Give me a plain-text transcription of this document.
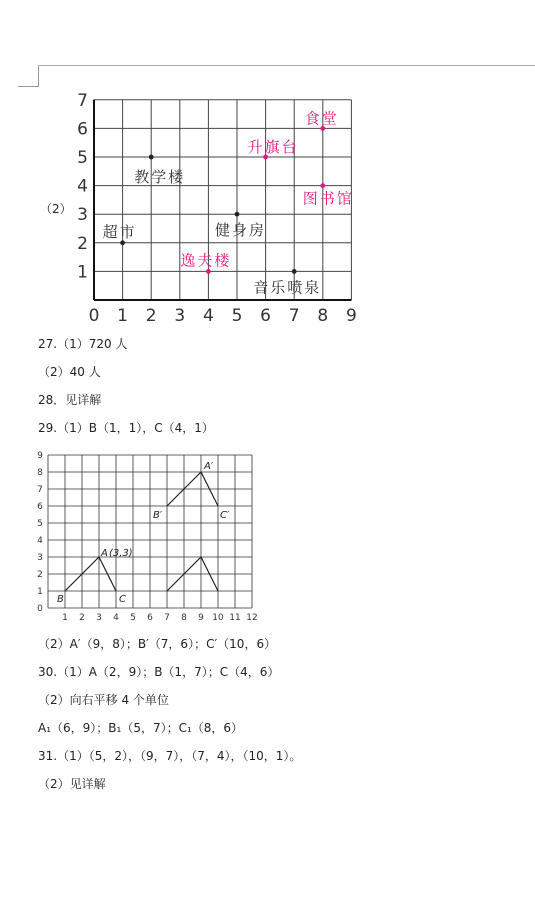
（2）
0 1 2 3 4 5 6 7 8 9
1
2
3
4
5
6
7
超市
教学楼
逸夫楼
健身房
升旗台
音乐喷泉
食堂
图书馆
27.（1）720 人
（2）40 人
28．见详解
29.（1）B（1，1），C（4，1）
0
1 2 3 4 5 6 7 8 9 10 11 12
1
2
3
4
5
6
7
8
9
B	C
A (3,3)
A′
B′	C′
（2）A′（9，8）；B′（7，6）；C′（10，6）
30.（1）A（2，9）；B（1，7）；C（4，6）
（2）向右平移 4 个单位
A₁（6，9）；B₁（5，7）；C₁（8，6）
31.（1）（5，2），（9，7），（7，4），（10，1）。
（2）见详解
